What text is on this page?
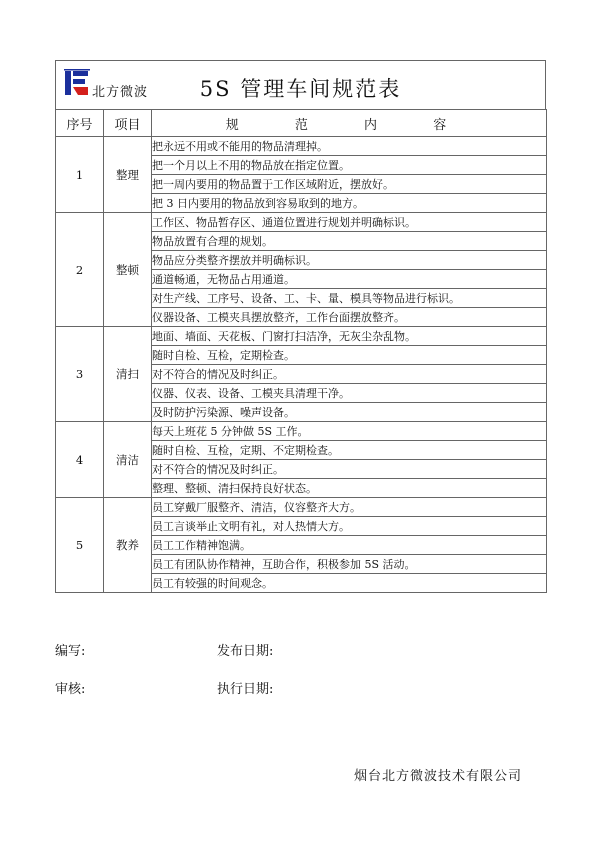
北方微波	5S 管理车间规范表
序号	项目	规 范 内 容
1	整理	把永远不用或不能用的物品清理掉。
		把一个月以上不用的物品放在指定位置。
		把一周内要用的物品置于工作区域附近，摆放好。
		把 3 日内要用的物品放到容易取到的地方。
2	整顿	工作区、物品暂存区、通道位置进行规划并明确标识。
		物品放置有合理的规划。
		物品应分类整齐摆放并明确标识。
		通道畅通，无物品占用通道。
		对生产线、工序号、设备、工、卡、量、模具等物品进行标识。
		仪器设备、工模夹具摆放整齐，工作台面摆放整齐。
3	清扫	地面、墙面、天花板、门窗打扫洁净，无灰尘杂乱物。
		随时自检、互检，定期检查。
		对不符合的情况及时纠正。
		仪器、仪表、设备、工模夹具清理干净。
		及时防护污染源、噪声设备。
4	清洁	每天上班花 5 分钟做 5S 工作。
		随时自检、互检，定期、不定期检查。
		对不符合的情况及时纠正。
		整理、整顿、清扫保持良好状态。
5	教养	员工穿戴厂服整齐、清洁，仪容整齐大方。
		员工言谈举止文明有礼，对人热情大方。
		员工工作精神饱满。
		员工有团队协作精神，互助合作，积极参加 5S 活动。
		员工有较强的时间观念。
编写:	发布日期:
审核:	执行日期:
烟台北方微波技术有限公司
